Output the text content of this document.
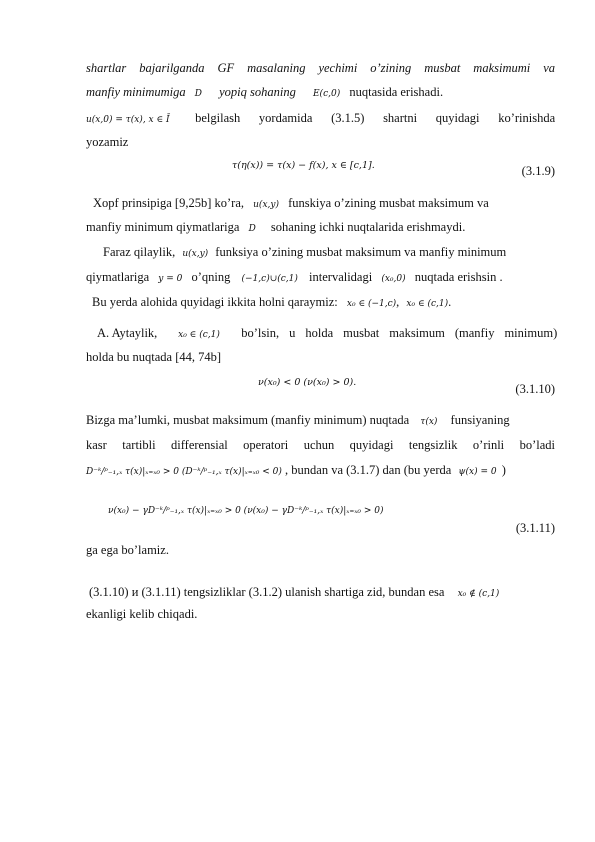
shartlar bajarilganda GF masalaning yechimi o’zining musbat maksimumi va
manfiy minimumiga D yopiq sohaning E(c,0) nuqtasida erishadi.
u(x,0) = τ(x), x ∈ Ī belgilash yordamida (3.1.5) shartni quyidagi ko’rinishda
yozamiz
τ(η(x)) = τ(x) − f(x), x ∈ [c,1].	(3.1.9)
Xopf prinsipiga [9,25b] ko’ra, u(x,y) funskiya o’zining musbat maksimum va
manfiy minimum qiymatlariga D sohaning ichki nuqtalarida erishmaydi.
Faraz qilaylik, u(x,y) funksiya o’zining musbat maksimum va manfiy minimum
qiymatlariga y = 0 o’qning (−1,c)∪(c,1) intervalidagi (x₀,0) nuqtada erishsin .
Bu yerda alohida quyidagi ikkita holni qaraymiz: x₀ ∈ (−1,c), x₀ ∈ (c,1).
A. Aytaylik, x₀ ∈ (c,1) bo’lsin, u holda musbat maksimum (manfiy minimum)
holda bu nuqtada [44, 74b]
ν(x₀) < 0 (ν(x₀) > 0).	(3.1.10)
Bizga ma’lumki, musbat maksimum (manfiy minimum) nuqtada τ(x) funsiyaning
kasr tartibli differensial operatori uchun quyidagi tengsizlik o’rinli bo’ladi
D⁻ᵏ/ᵖ₋₁,ₓ τ(x)|ₓ₌ₓ₀ > 0 (D⁻ᵏ/ᵖ₋₁,ₓ τ(x)|ₓ₌ₓ₀ < 0) , bundan va (3.1.7) dan (bu yerda ψ(x) = 0 )
ν(x₀) − γD⁻ᵏ/ᵖ₋₁,ₓ τ(x)|ₓ₌ₓ₀ > 0 (ν(x₀) − γD⁻ᵏ/ᵖ₋₁,ₓ τ(x)|ₓ₌ₓ₀ > 0)
(3.1.11)
ga ega bo’lamiz.
(3.1.10) и (3.1.11) tengsizliklar (3.1.2) ulanish shartiga zid, bundan esa x₀ ∉ (c,1)
ekanligi kelib chiqadi.
